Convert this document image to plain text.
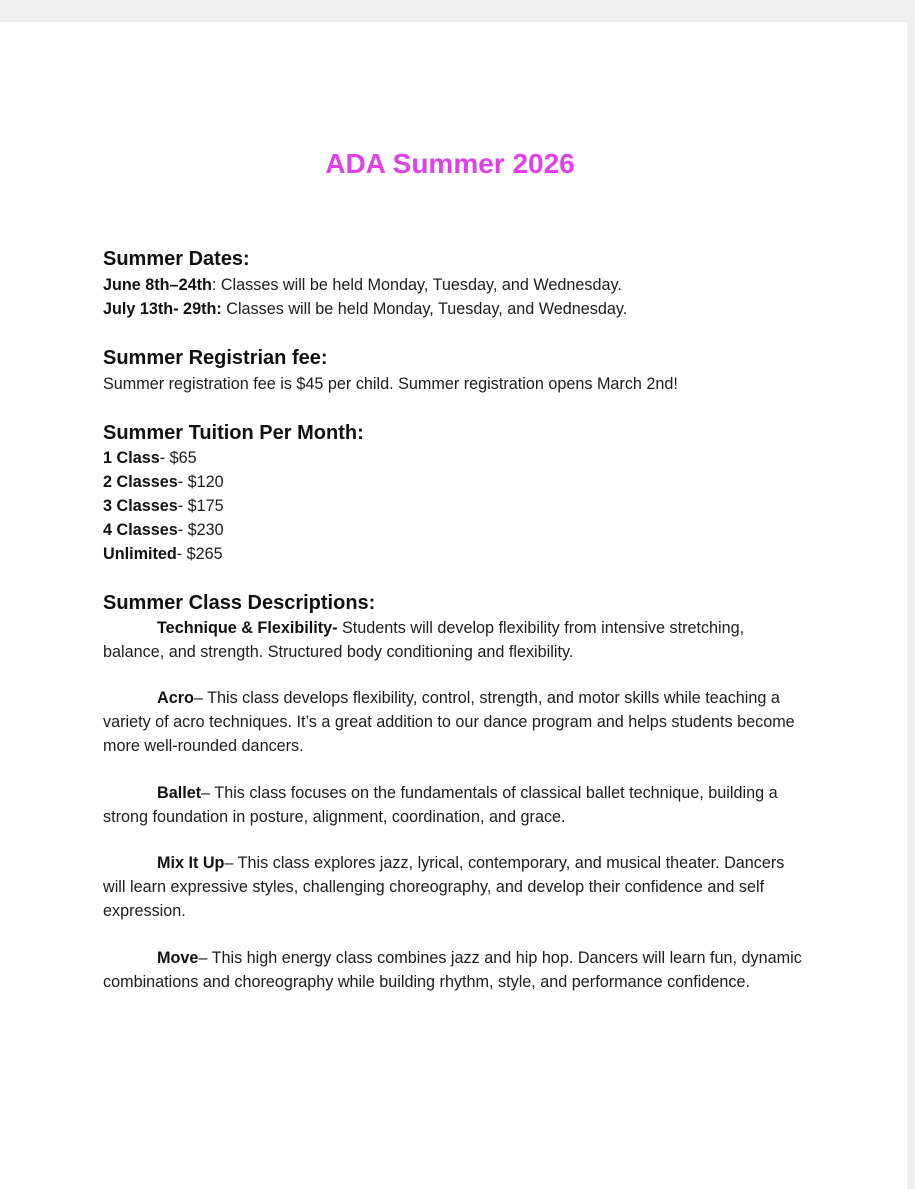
ADA Summer 2026
Summer Dates:
June 8th–24th: Classes will be held Monday, Tuesday, and Wednesday.
July 13th- 29th: Classes will be held Monday, Tuesday, and Wednesday.
Summer Registrian fee:
Summer registration fee is $45 per child. Summer registration opens March 2nd!
Summer Tuition Per Month:
1 Class- $65
2 Classes- $120
3 Classes- $175
4 Classes- $230
Unlimited- $265
Summer Class Descriptions:
Technique & Flexibility- Students will develop flexibility from intensive stretching, balance, and strength. Structured body conditioning and flexibility.
Acro– This class develops flexibility, control, strength, and motor skills while teaching a variety of acro techniques. It’s a great addition to our dance program and helps students become more well-rounded dancers.
Ballet– This class focuses on the fundamentals of classical ballet technique, building a strong foundation in posture, alignment, coordination, and grace.
Mix It Up– This class explores jazz, lyrical, contemporary, and musical theater. Dancers will learn expressive styles, challenging choreography, and develop their confidence and self expression.
Move– This high energy class combines jazz and hip hop. Dancers will learn fun, dynamic combinations and choreography while building rhythm, style, and performance confidence.
